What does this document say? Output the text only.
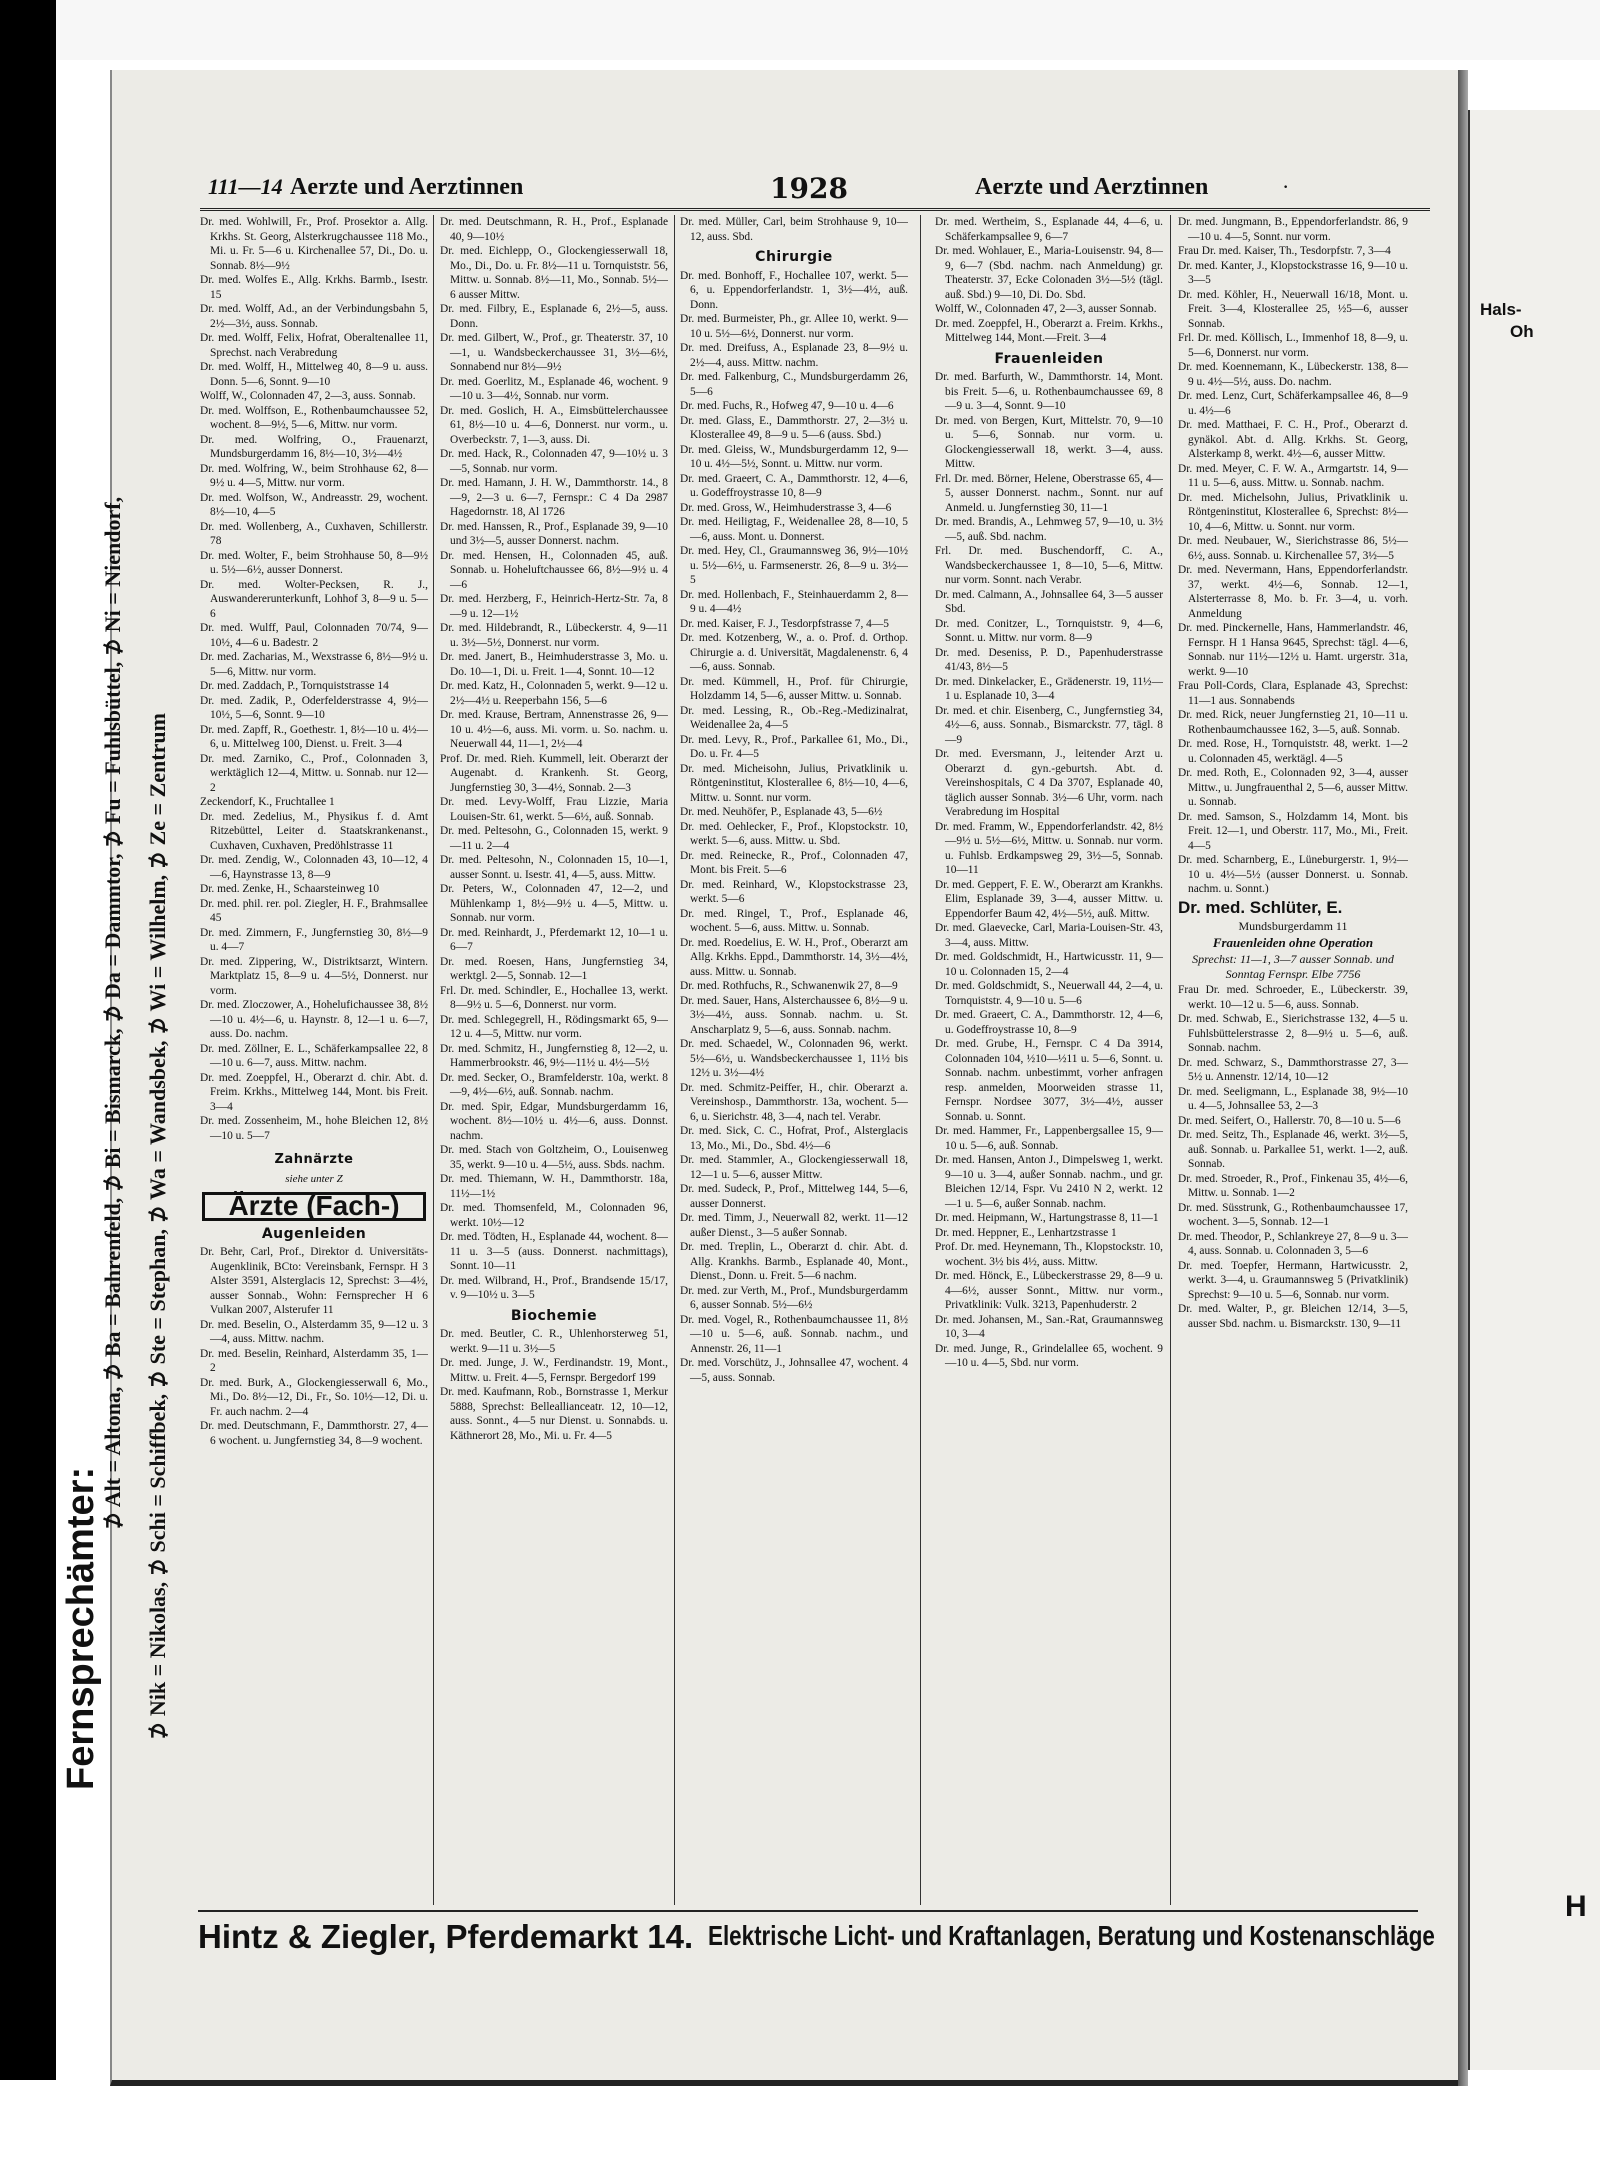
Hals-
Oh
H
111—14 Aerzte und Aerztinnen	1928	Aerzte und Aerztinnen	·
Fernsprechämter:
⊅ Alt = Altona, ⊅ Ba = Bahrenfeld, ⊅ Bi = Bismarck, ⊅ Da = Dammtor, ⊅ Fu = Fuhlsbüttel, ⊅ Ni = Niendorf, ⊅ Nik = Nikolas, ⊅ Schi = Schiffbek, ⊅ Ste = Stephan, ⊅ Wa = Wandsbek, ⊅ Wi = Wilhelm, ⊅ Ze = Zentrum

Dr. med. Wohlwill, Fr., Prof. Prosektor a. Allg. Krkhs. St. Georg, Alsterkrugchaussee 118 Mo., Mi. u. Fr. 5—6 u. Kirchenallee 57, Di., Do. u. Sonnab. 8½—9½

Dr. med. Wolfes E., Allg. Krkhs. Barmb., Isestr. 15

Dr. med. Wolff, Ad., an der Verbindungsbahn 5, 2½—3½, auss. Sonnab.

Dr. med. Wolff, Felix, Hofrat, Oberaltenallee 11, Sprechst. nach Verabredung

Dr. med. Wolff, H., Mittelweg 40, 8—9 u. auss. Donn. 5—6, Sonnt. 9—10

Wolff, W., Colonnaden 47, 2—3, auss. Sonnab.

Dr. med. Wolffson, E., Rothenbaumchaussee 52, wochent. 8—9½, 5—6, Mittw. nur vorm.

Dr. med. Wolfring, O., Frauenarzt, Mundsburgerdamm 16, 8½—10, 3½—4½

Dr. med. Wolfring, W., beim Strohhause 62, 8—9½ u. 4—5, Mittw. nur vorm.

Dr. med. Wolfson, W., Andreasstr. 29, wochent. 8½—10, 4—5

Dr. med. Wollenberg, A., Cuxhaven, Schillerstr. 78

Dr. med. Wolter, F., beim Strohhause 50, 8—9½ u. 5½—6½, ausser Donnerst.

Dr. med. Wolter-Pecksen, R. J., Auswandererunterkunft, Lohhof 3, 8—9 u. 5—6

Dr. med. Wulff, Paul, Colonnaden 70/74, 9—10½, 4—6 u. Badestr. 2

Dr. med. Zacharias, M., Wexstrasse 6, 8½—9½ u. 5—6, Mittw. nur vorm.

Dr. med. Zaddach, P., Tornquiststrasse 14

Dr. med. Zadik, P., Oderfelderstrasse 4, 9½—10½, 5—6, Sonnt. 9—10

Dr. med. Zapff, R., Goethestr. 1, 8½—10 u. 4½—6, u. Mittelweg 100, Dienst. u. Freit. 3—4

Dr. med. Zarniko, C., Prof., Colonnaden 3, werktäglich 12—4, Mittw. u. Sonnab. nur 12—2

Zeckendorf, K., Fruchtallee 1

Dr. med. Zedelius, M., Physikus f. d. Amt Ritzebüttel, Leiter d. Staatskrankenanst., Cuxhaven, Cuxhaven, Predöhlstrasse 11

Dr. med. Zendig, W., Colonnaden 43, 10—12, 4—6, Haynstrasse 13, 8—9

Dr. med. Zenke, H., Schaarsteinweg 10

Dr. med. phil. rer. pol. Ziegler, H. F., Brahmsallee 45

Dr. med. Zimmern, F., Jungfernstieg 30, 8½—9 u. 4—7

Dr. med. Zippering, W., Distriktsarzt, Wintern. Marktplatz 15, 8—9 u. 4—5½, Donnerst. nur vorm.

Dr. med. Zloczower, A., Hohelufichaussee 38, 8½—10 u. 4½—6, u. Haynstr. 8, 12—1 u. 6—7, auss. Do. nachm.

Dr. med. Zöllner, E. L., Schäferkampsallee 22, 8—10 u. 6—7, auss. Mittw. nachm.

Dr. med. Zoeppfel, H., Oberarzt d. chir. Abt. d. Freim. Krkhs., Mittelweg 144, Mont. bis Freit. 3—4

Dr. med. Zossenheim, M., hohe Bleichen 12, 8½—10 u. 5—7

Zahnärzte
siehe unter Z
Ärzte (Fach-)
Augenleiden

Dr. Behr, Carl, Prof., Direktor d. Universitäts-Augenklinik, BCto: Vereinsbank, Fernspr. H 3 Alster 3591, Alsterglacis 12, Sprechst: 3—4½, ausser Sonnab., Wohn: Fernsprecher H 6 Vulkan 2007, Alsterufer 11

Dr. med. Beselin, O., Alsterdamm 35, 9—12 u. 3—4, auss. Mittw. nachm.

Dr. med. Beselin, Reinhard, Alsterdamm 35, 1—2

Dr. med. Burk, A., Glockengiesserwall 6, Mo., Mi., Do. 8½—12, Di., Fr., So. 10½—12, Di. u. Fr. auch nachm. 2—4

Dr. med. Deutschmann, F., Dammthorstr. 27, 4—6 wochent. u. Jungfernstieg 34, 8—9 wochent.

Dr. med. Deutschmann, R. H., Prof., Esplanade 40, 9—10½

Dr. med. Eichlepp, O., Glockengiesserwall 18, Mo., Di., Do. u. Fr. 8½—11 u. Tornquiststr. 56, Mittw. u. Sonnab. 8½—11, Mo., Sonnab. 5½—6 ausser Mittw.

Dr. med. Filbry, E., Esplanade 6, 2½—5, auss. Donn.

Dr. med. Gilbert, W., Prof., gr. Theaterstr. 37, 10—1, u. Wandsbeckerchaussee 31, 3½—6½, Sonnabend nur 8½—9½

Dr. med. Goerlitz, M., Esplanade 46, wochent. 9—10 u. 3—4½, Sonnab. nur vorm.

Dr. med. Goslich, H. A., Eimsbüttelerchaussee 61, 8½—10 u. 4—6, Donnerst. nur vorm., u. Overbeckstr. 7, 1—3, auss. Di.

Dr. med. Hack, R., Colonnaden 47, 9—10½ u. 3—5, Sonnab. nur vorm.

Dr. med. Hamann, J. H. W., Dammthorstr. 14., 8—9, 2—3 u. 6—7, Fernspr.: C 4 Da 2987 Hagedornstr. 18, Al 1726

Dr. med. Hanssen, R., Prof., Esplanade 39, 9—10 und 3½—5, ausser Donnerst. nachm.

Dr. med. Hensen, H., Colonnaden 45, auß. Sonnab. u. Hoheluftchaussee 66, 8½—9½ u. 4—6

Dr. med. Herzberg, F., Heinrich-Hertz-Str. 7a, 8—9 u. 12—1½

Dr. med. Hildebrandt, R., Lübeckerstr. 4, 9—11 u. 3½—5½, Donnerst. nur vorm.

Dr. med. Janert, B., Heimhuderstrasse 3, Mo. u. Do. 10—1, Di. u. Freit. 1—4, Sonnt. 10—12

Dr. med. Katz, H., Colonnaden 5, werkt. 9—12 u. 2½—4½ u. Reeperbahn 156, 5—6

Dr. med. Krause, Bertram, Annenstrasse 26, 9—10 u. 4½—6, auss. Mi. vorm. u. So. nachm. u. Neuerwall 44, 11—1, 2½—4

Prof. Dr. med. Rieh. Kummell, leit. Oberarzt der Augenabt. d. Krankenh. St. Georg, Jungfernstieg 30, 3—4½, Sonnab. 2—3

Dr. med. Levy-Wolff, Frau Lizzie, Maria Louisen-Str. 61, werkt. 5—6½, auß. Sonnab.

Dr. med. Peltesohn, G., Colonnaden 15, werkt. 9—11 u. 2—4

Dr. med. Peltesohn, N., Colonnaden 15, 10—1, ausser Sonnt. u. Isestr. 41, 4—5, auss. Mittw.

Dr. Peters, W., Colonnaden 47, 12—2, und Mühlenkamp 1, 8½—9½ u. 4—5, Mittw. u. Sonnab. nur vorm.

Dr. med. Reinhardt, J., Pferdemarkt 12, 10—1 u. 6—7

Dr. med. Roesen, Hans, Jungfernstieg 34, werktgl. 2—5, Sonnab. 12—1

Frl. Dr. med. Schindler, E., Hochallee 13, werkt. 8—9½ u. 5—6, Donnerst. nur vorm.

Dr. med. Schlegegrell, H., Rödingsmarkt 65, 9—12 u. 4—5, Mittw. nur vorm.

Dr. med. Schmitz, H., Jungfernstieg 8, 12—2, u. Hammerbrookstr. 46, 9½—11½ u. 4½—5½

Dr. med. Secker, O., Bramfelderstr. 10a, werkt. 8—9, 4½—6½, auß. Sonnab. nachm.

Dr. med. Spir, Edgar, Mundsburgerdamm 16, wochent. 8½—10½ u. 4½—6, auss. Donnst. nachm.

Dr. med. Stach von Goltzheim, O., Louisenweg 35, werkt. 9—10 u. 4—5½, auss. Sbds. nachm.

Dr. med. Thiemann, W. H., Dammthorstr. 18a, 11½—1½

Dr. med. Thomsenfeld, M., Colonnaden 96, werkt. 10½—12

Dr. med. Tödten, H., Esplanade 44, wochent. 8—11 u. 3—5 (auss. Donnerst. nachmittags), Sonnt. 10—11

Dr. med. Wilbrand, H., Prof., Brandsende 15/17, v. 9—10½ u. 3—5

Biochemie

Dr. med. Beutler, C. R., Uhlenhorsterweg 51, werkt. 9—11 u. 3½—5

Dr. med. Junge, J. W., Ferdinandstr. 19, Mont., Mittw. u. Freit. 4—5, Fernspr. Bergedorf 199

Dr. med. Kaufmann, Rob., Bornstrasse 1, Merkur 5888, Sprechst: Belleallianceatr. 12, 10—12, auss. Sonnt., 4—5 nur Dienst. u. Sonnabds. u. Käthnerort 28, Mo., Mi. u. Fr. 4—5

Dr. med. Müller, Carl, beim Strohhause 9, 10—12, auss. Sbd.

Chirurgie

Dr. med. Bonhoff, F., Hochallee 107, werkt. 5—6, u. Eppendorferlandstr. 1, 3½—4½, auß. Donn.

Dr. med. Burmeister, Ph., gr. Allee 10, werkt. 9—10 u. 5½—6½, Donnerst. nur vorm.

Dr. med. Dreifuss, A., Esplanade 23, 8—9½ u. 2½—4, auss. Mittw. nachm.

Dr. med. Falkenburg, C., Mundsburgerdamm 26, 5—6

Dr. med. Fuchs, R., Hofweg 47, 9—10 u. 4—6

Dr. med. Glass, E., Dammthorstr. 27, 2—3½ u. Klosterallee 49, 8—9 u. 5—6 (auss. Sbd.)

Dr. med. Gleiss, W., Mundsburgerdamm 12, 9—10 u. 4½—5½, Sonnt. u. Mittw. nur vorm.

Dr. med. Graeert, C. A., Dammthorstr. 12, 4—6, u. Godeffroystrasse 10, 8—9

Dr. med. Gross, W., Heimhuderstrasse 3, 4—6

Dr. med. Heiligtag, F., Weidenallee 28, 8—10, 5—6, auss. Mont. u. Donnerst.

Dr. med. Hey, Cl., Graumannsweg 36, 9½—10½ u. 5½—6½, u. Farmsenerstr. 26, 8—9 u. 3½—5

Dr. med. Hollenbach, F., Steinhauerdamm 2, 8—9 u. 4—4½

Dr. med. Kaiser, F. J., Tesdorpfstrasse 7, 4—5

Dr. med. Kotzenberg, W., a. o. Prof. d. Orthop. Chirurgie a. d. Universität, Magdalenenstr. 6, 4—6, auss. Sonnab.

Dr. med. Kümmell, H., Prof. für Chirurgie, Holzdamm 14, 5—6, ausser Mittw. u. Sonnab.

Dr. med. Lessing, R., Ob.-Reg.-Medizinalrat, Weidenallee 2a, 4—5

Dr. med. Levy, R., Prof., Parkallee 61, Mo., Di., Do. u. Fr. 4—5

Dr. med. Micheisohn, Julius, Privatklinik u. Röntgeninstitut, Klosterallee 6, 8½—10, 4—6, Mittw. u. Sonnt. nur vorm.

Dr. med. Neuhöfer, P., Esplanade 43, 5—6½

Dr. med. Oehlecker, F., Prof., Klopstockstr. 10, werkt. 5—6, auss. Mittw. u. Sbd.

Dr. med. Reinecke, R., Prof., Colonnaden 47, Mont. bis Freit. 5—6

Dr. med. Reinhard, W., Klopstockstrasse 23, werkt. 5—6

Dr. med. Ringel, T., Prof., Esplanade 46, wochent. 5—6, auss. Mittw. u. Sonnab.

Dr. med. Roedelius, E. W. H., Prof., Oberarzt am Allg. Krkhs. Eppd., Dammthorstr. 14, 3½—4½, auss. Mittw. u. Sonnab.

Dr. med. Rothfuchs, R., Schwanenwik 27, 8—9

Dr. med. Sauer, Hans, Alsterchaussee 6, 8½—9 u. 3½—4½, auss. Sonnab. nachm. u. St. Anscharplatz 9, 5—6, auss. Sonnab. nachm.

Dr. med. Schaedel, W., Colonnaden 96, werkt. 5½—6½, u. Wandsbeckerchaussee 1, 11½ bis 12½ u. 3½—4½

Dr. med. Schmitz-Peiffer, H., chir. Oberarzt a. Vereinshosp., Dammthorstr. 13a, wochent. 5—6, u. Sierichstr. 48, 3—4, nach tel. Verabr.

Dr. med. Sick, C. C., Hofrat, Prof., Alsterglacis 13, Mo., Mi., Do., Sbd. 4½—6

Dr. med. Stammler, A., Glockengiesserwall 18, 12—1 u. 5—6, ausser Mittw.

Dr. med. Sudeck, P., Prof., Mittelweg 144, 5—6, ausser Donnerst.

Dr. med. Timm, J., Neuerwall 82, werkt. 11—12 außer Dienst., 3—5 außer Sonnab.

Dr. med. Treplin, L., Oberarzt d. chir. Abt. d. Allg. Krankhs. Barmb., Esplanade 40, Mont., Dienst., Donn. u. Freit. 5—6 nachm.

Dr. med. zur Verth, M., Prof., Mundsburgerdamm 6, ausser Sonnab. 5½—6½

Dr. med. Vogel, R., Rothenbaumchaussee 11, 8½—10 u. 5—6, auß. Sonnab. nachm., und Annenstr. 26, 11—1

Dr. med. Vorschütz, J., Johnsallee 47, wochent. 4—5, auss. Sonnab.

Dr. med. Wertheim, S., Esplanade 44, 4—6, u. Schäferkampsallee 9, 6—7

Dr. med. Wohlauer, E., Maria-Louisenstr. 94, 8—9, 6—7 (Sbd. nachm. nach Anmeldung) gr. Theaterstr. 37, Ecke Colonaden 3½—5½ (tägl. auß. Sbd.) 9—10, Di. Do. Sbd.

Wolff, W., Colonnaden 47, 2—3, ausser Sonnab.

Dr. med. Zoeppfel, H., Oberarzt a. Freim. Krkhs., Mittelweg 144, Mont.—Freit. 3—4

Frauenleiden

Dr. med. Barfurth, W., Dammthorstr. 14, Mont. bis Freit. 5—6, u. Rothenbaumchaussee 69, 8—9 u. 3—4, Sonnt. 9—10

Dr. med. von Bergen, Kurt, Mittelstr. 70, 9—10 u. 5—6, Sonnab. nur vorm. u. Glockengiesserwall 18, werkt. 3—4, auss. Mittw.

Frl. Dr. med. Börner, Helene, Oberstrasse 65, 4—5, ausser Donnerst. nachm., Sonnt. nur auf Anmeld. u. Jungfernstieg 30, 11—1

Dr. med. Brandis, A., Lehmweg 57, 9—10, u. 3½—5, auß. Sbd. nachm.

Frl. Dr. med. Buschendorff, C. A., Wandsbeckerchaussee 1, 8—10, 5—6, Mittw. nur vorm. Sonnt. nach Verabr.

Dr. med. Calmann, A., Johnsallee 64, 3—5 ausser Sbd.

Dr. med. Conitzer, L., Tornquiststr. 9, 4—6, Sonnt. u. Mittw. nur vorm. 8—9

Dr. med. Deseniss, P. D., Papenhuderstrasse 41/43, 8½—5

Dr. med. Dinkelacker, E., Grädenerstr. 19, 11½—1 u. Esplanade 10, 3—4

Dr. med. et chir. Eisenberg, C., Jungfernstieg 34, 4½—6, auss. Sonnab., Bismarckstr. 77, tägl. 8—9

Dr. med. Eversmann, J., leitender Arzt u. Oberarzt d. gyn.-geburtsh. Abt. d. Vereinshospitals, C 4 Da 3707, Esplanade 40, täglich ausser Sonnab. 3½—6 Uhr, vorm. nach Verabredung im Hospital

Dr. med. Framm, W., Eppendorferlandstr. 42, 8½—9½ u. 5½—6½, Mittw. u. Sonnab. nur vorm. u. Fuhlsb. Erdkampsweg 29, 3½—5, Sonnab. 10—11

Dr. med. Geppert, F. E. W., Oberarzt am Krankhs. Elim, Esplanade 39, 3—4, ausser Mittw. u. Eppendorfer Baum 42, 4½—5½, auß. Mittw.

Dr. med. Glaevecke, Carl, Maria-Louisen-Str. 43, 3—4, auss. Mittw.

Dr. med. Goldschmidt, H., Hartwicusstr. 11, 9—10 u. Colonnaden 15, 2—4

Dr. med. Goldschmidt, S., Neuerwall 44, 2—4, u. Tornquiststr. 4, 9—10 u. 5—6

Dr. med. Graeert, C. A., Dammthorstr. 12, 4—6, u. Godeffroystrasse 10, 8—9

Dr. med. Grube, H., Fernspr. C 4 Da 3914, Colonnaden 104, ½10—½11 u. 5—6, Sonnt. u. Sonnab. nachm. unbestimmt, vorher anfragen resp. anmelden, Moorweiden strasse 11, Fernspr. Nordsee 3077, 3½—4½, ausser Sonnab. u. Sonnt.

Dr. med. Hammer, Fr., Lappenbergsallee 15, 9—10 u. 5—6, auß. Sonnab.

Dr. med. Hansen, Anton J., Dimpelsweg 1, werkt. 9—10 u. 3—4, außer Sonnab. nachm., und gr. Bleichen 12/14, Fspr. Vu 2410 N 2, werkt. 12—1 u. 5—6, außer Sonnab. nachm.

Dr. med. Heipmann, W., Hartungstrasse 8, 11—1

Dr. med. Heppner, E., Lenhartzstrasse 1

Prof. Dr. med. Heynemann, Th., Klopstockstr. 10, wochent. 3½ bis 4½, auss. Mittw.

Dr. med. Hönck, E., Lübeckerstrasse 29, 8—9 u. 4—6½, ausser Sonnt., Mittw. nur vorm., Privatklinik: Vulk. 3213, Papenhuderstr. 2

Dr. med. Johansen, M., San.-Rat, Graumannsweg 10, 3—4

Dr. med. Junge, R., Grindelallee 65, wochent. 9—10 u. 4—5, Sbd. nur vorm.

Dr. med. Jungmann, B., Eppendorferlandstr. 86, 9—10 u. 4—5, Sonnt. nur vorm.

Frau Dr. med. Kaiser, Th., Tesdorpfstr. 7, 3—4

Dr. med. Kanter, J., Klopstockstrasse 16, 9—10 u. 3—5

Dr. med. Köhler, H., Neuerwall 16/18, Mont. u. Freit. 3—4, Klosterallee 25, ½5—6, ausser Sonnab.

Frl. Dr. med. Köllisch, L., Immenhof 18, 8—9, u. 5—6, Donnerst. nur vorm.

Dr. med. Koennemann, K., Lübeckerstr. 138, 8—9 u. 4½—5½, auss. Do. nachm.

Dr. med. Lenz, Curt, Schäferkampsallee 46, 8—9 u. 4½—6

Dr. med. Matthaei, F. C. H., Prof., Oberarzt d. gynäkol. Abt. d. Allg. Krkhs. St. Georg, Alsterkamp 8, werkt. 4½—6, ausser Mittw.

Dr. med. Meyer, C. F. W. A., Armgartstr. 14, 9—11 u. 5—6, auss. Mittw. u. Sonnab. nachm.

Dr. med. Michelsohn, Julius, Privatklinik u. Röntgeninstitut, Klosterallee 6, Sprechst: 8½—10, 4—6, Mittw. u. Sonnt. nur vorm.

Dr. med. Neubauer, W., Sierichstrasse 86, 5½—6½, auss. Sonnab. u. Kirchenallee 57, 3½—5

Dr. med. Nevermann, Hans, Eppendorferlandstr. 37, werkt. 4½—6, Sonnab. 12—1, Alsterterrasse 8, Mo. b. Fr. 3—4, u. vorh. Anmeldung

Dr. med. Pinckernelle, Hans, Hammerlandstr. 46, Fernspr. H 1 Hansa 9645, Sprechst: tägl. 4—6, Sonnab. nur 11½—12½ u. Hamt. urgerstr. 31a, werkt. 9—10

Frau Poll-Cords, Clara, Esplanade 43, Sprechst: 11—1 aus. Sonnabends

Dr. med. Rick, neuer Jungfernstieg 21, 10—11 u. Rothenbaumchaussee 162, 3—5, auß. Sonnab.

Dr. med. Rose, H., Tornquiststr. 48, werkt. 1—2 u. Colonnaden 45, werktägl. 4—5

Dr. med. Roth, E., Colonnaden 92, 3—4, ausser Mittw., u. Jungfrauenthal 2, 5—6, ausser Mittw. u. Sonnab.

Dr. med. Samson, S., Holzdamm 14, Mont. bis Freit. 12—1, und Oberstr. 117, Mo., Mi., Freit. 4—5

Dr. med. Scharnberg, E., Lüneburgerstr. 1, 9½—10 u. 4½—5½ (ausser Donnerst. u. Sonnab. nachm. u. Sonnt.)

Dr. med. Schlüter, E.
Mundsburgerdamm 11
Frauenleiden ohne Operation
Sprechst: 11—1, 3—7 ausser Sonnab. und Sonntag Fernspr. Elbe 7756

Frau Dr. med. Schroeder, E., Lübeckerstr. 39, werkt. 10—12 u. 5—6, auss. Sonnab.

Dr. med. Schwab, E., Sierichstrasse 132, 4—5 u. Fuhlsbüttelerstrasse 2, 8—9½ u. 5—6, auß. Sonnab. nachm.

Dr. med. Schwarz, S., Dammthorstrasse 27, 3—5½ u. Annenstr. 12/14, 10—12

Dr. med. Seeligmann, L., Esplanade 38, 9½—10 u. 4—5, Johnsallee 53, 2—3

Dr. med. Seifert, O., Hallerstr. 70, 8—10 u. 5—6

Dr. med. Seitz, Th., Esplanade 46, werkt. 3½—5, auß. Sonnab. u. Parkallee 51, werkt. 1—2, auß. Sonnab.

Dr. med. Stroeder, R., Prof., Finkenau 35, 4½—6, Mittw. u. Sonnab. 1—2

Dr. med. Süsstrunk, G., Rothenbaumchaussee 17, wochent. 3—5, Sonnab. 12—1

Dr. med. Theodor, P., Schlankreye 27, 8—9 u. 3—4, auss. Sonnab. u. Colonnaden 3, 5—6

Dr. med. Toepfer, Hermann, Hartwicusstr. 2, werkt. 3—4, u. Graumannsweg 5 (Privatklinik) Sprechst: 9—10 u. 5—6, Sonnab. nur vorm.

Dr. med. Walter, P., gr. Bleichen 12/14, 3—5, ausser Sbd. nachm. u. Bismarckstr. 130, 9—11

Hintz & Ziegler, Pferdemarkt 14. Elektrische Licht- und Kraftanlagen, Beratung und Kostenanschläge
